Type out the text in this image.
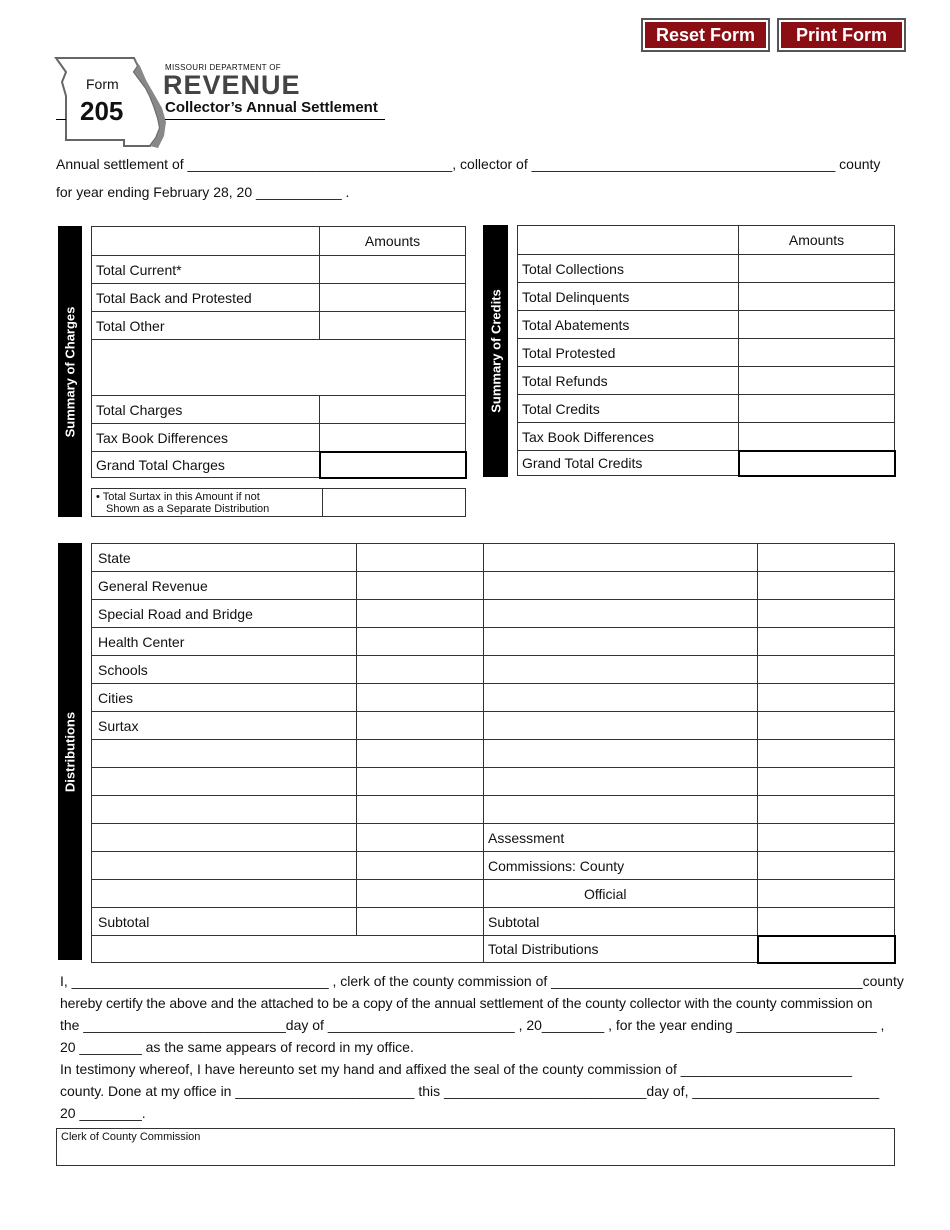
Reset Form	Print Form
Form
205
MISSOURI DEPARTMENT OF
REVENUE
Collector’s Annual Settlement
Annual settlement of __________________________________, collector of _______________________________________ county
for year ending February 28, 20 ___________ .
Summary of Charges
	Amounts
Total Current*	
Total Back and Protested	
Total Other	

Total Charges	
Tax Book Differences	
Grand Total Charges	
• Total Surtax in this Amount if not
Shown as a Separate Distribution

Summary of Credits
	Amounts
Total Collections	
Total Delinquents	
Total Abatements	
Total Protested	
Total Refunds	
Total Credits	
Tax Book Differences	
Grand Total Credits	
Distributions
State			
General Revenue			
Special Road and Bridge			
Health Center			
Schools			
Cities			
Surtax			

		Assessment	
		Commissions: County	
		Official	
Subtotal		Subtotal	
		Total Distributions	
I, _________________________________ , clerk of the county commission of ________________________________________county
hereby certify the above and the attached to be a copy of the annual settlement of the county collector with the county commission on
the __________________________day of ________________________ , 20________ , for the year ending __________________ ,
20 ________ as the same appears of record in my office.
In testimony whereof, I have hereunto set my hand and affixed the seal of the county commission of ______________________
county. Done at my office in _______________________ this __________________________day of, ________________________
20 ________.
Clerk of County Commission
